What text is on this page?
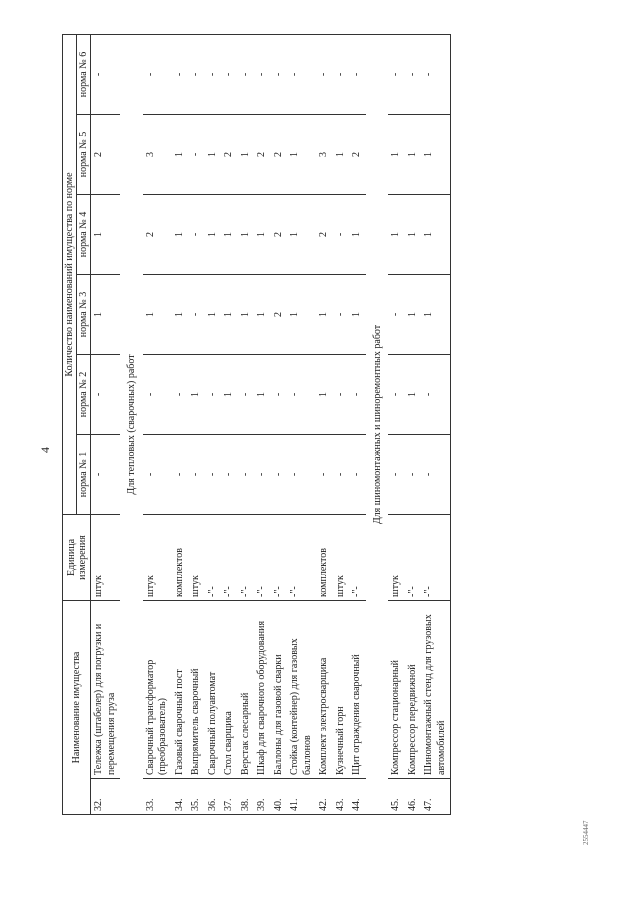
4
2554447
Наименование имущества		Единица измерения	Количество наименований имущества по норме					
			норма № 1	норма № 2	норма № 3	норма № 4	норма № 5	норма № 6
32.	Тележка (штабелер) для погрузки и перемещения груза	штук	-	-	1	1	2	-
Для тепловых (сварочных) работ								
33.	Сварочный трансформатор (преобразователь)	штук	-	-	1	2	3	-
34.	Газовый сварочный пост	комплектов	-	-	1	1	1	-
35.	Выпрямитель сварочный	штук	-	1	-	-	-	-
36.	Сварочный полуавтомат	-"-	-	-	1	1	1	-
37.	Стол сварщика	-"-	-	1	1	1	2	-
38.	Верстак слесарный	-"-	-	-	1	1	1	-
39.	Шкаф для сварочного оборудования	-"-	-	1	1	1	2	-
40.	Баллоны для газовой сварки	-"-	-	-	2	2	2	-
41.	Стойка (контейнер) для газовых баллонов	-"-	-	-	1	1	1	-
42.	Комплект электросварщика	комплектов	-	1	1	2	3	-
43.	Кузнечный горн	штук	-	-	-	-	1	-
44.	Щит ограждения сварочный	-"-	-	-	1	1	2	-
Для шиномонтажных и шиноремонтных работ								
45.	Компрессор стационарный	штук	-	-	-	1	1	-
46.	Компрессор передвижной	-"-	-	1	1	1	1	-
47.	Шиномонтажный стенд для грузовых автомобилей	-"-	-	-	1	1	1	-
